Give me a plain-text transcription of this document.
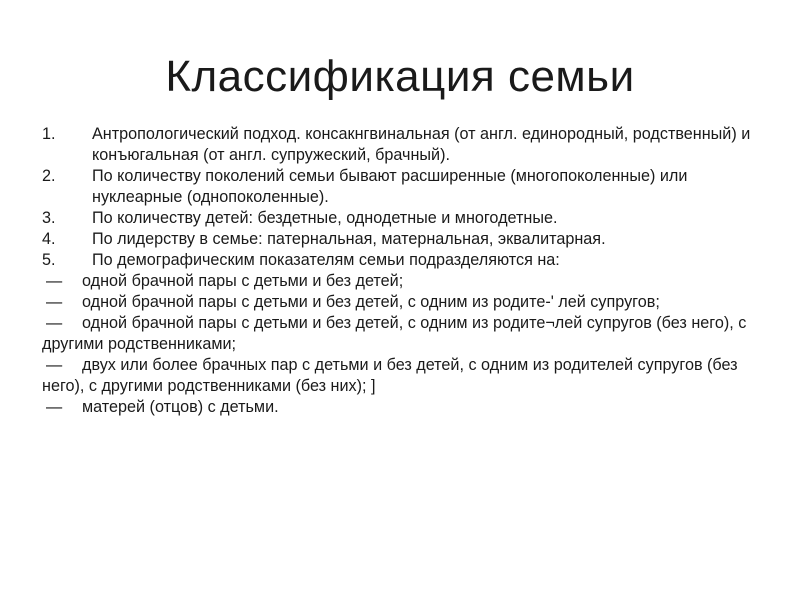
Классификация семьи
1. Антропологический подход. консакнгвинальная (от англ. единородный, родственный) и конъюгальная (от англ. супружеский, брачный).
2. По количеству поколений семьи бывают расширенные (многопоколенные) или нуклеарные (однопоколенные).
3. По количеству детей: бездетные, однодетные и многодетные.
4. По лидерству в семье: патернальная, матернальная, эквалитарная.
5. По демографическим показателям семьи подразделяются на:
— одной брачной пары с детьми и без детей;
— одной брачной пары с детьми и без детей, с одним из родите-' лей супругов;
— одной брачной пары с детьми и без детей, с одним из родите¬лей супругов (без него), с другими родственниками;
— двух или более брачных пар с детьми и без детей, с одним из родителей супругов (без него), с другими родственниками (без них); ]
— матерей (отцов) с детьми.
